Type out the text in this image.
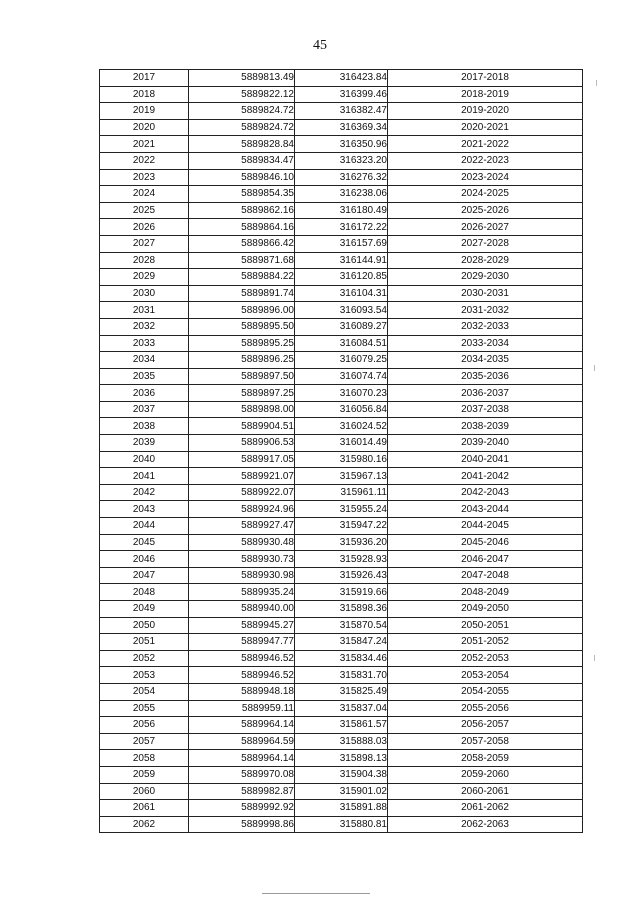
45
2017	5889813.49	316423.84	2017-2018
2018	5889822.12	316399.46	2018-2019
2019	5889824.72	316382.47	2019-2020
2020	5889824.72	316369.34	2020-2021
2021	5889828.84	316350.96	2021-2022
2022	5889834.47	316323.20	2022-2023
2023	5889846.10	316276.32	2023-2024
2024	5889854.35	316238.06	2024-2025
2025	5889862.16	316180.49	2025-2026
2026	5889864.16	316172.22	2026-2027
2027	5889866.42	316157.69	2027-2028
2028	5889871.68	316144.91	2028-2029
2029	5889884.22	316120.85	2029-2030
2030	5889891.74	316104.31	2030-2031
2031	5889896.00	316093.54	2031-2032
2032	5889895.50	316089.27	2032-2033
2033	5889895.25	316084.51	2033-2034
2034	5889896.25	316079.25	2034-2035
2035	5889897.50	316074.74	2035-2036
2036	5889897.25	316070.23	2036-2037
2037	5889898.00	316056.84	2037-2038
2038	5889904.51	316024.52	2038-2039
2039	5889906.53	316014.49	2039-2040
2040	5889917.05	315980.16	2040-2041
2041	5889921.07	315967.13	2041-2042
2042	5889922.07	315961.11	2042-2043
2043	5889924.96	315955.24	2043-2044
2044	5889927.47	315947.22	2044-2045
2045	5889930.48	315936.20	2045-2046
2046	5889930.73	315928.93	2046-2047
2047	5889930.98	315926.43	2047-2048
2048	5889935.24	315919.66	2048-2049
2049	5889940.00	315898.36	2049-2050
2050	5889945.27	315870.54	2050-2051
2051	5889947.77	315847.24	2051-2052
2052	5889946.52	315834.46	2052-2053
2053	5889946.52	315831.70	2053-2054
2054	5889948.18	315825.49	2054-2055
2055	5889959.11	315837.04	2055-2056
2056	5889964.14	315861.57	2056-2057
2057	5889964.59	315888.03	2057-2058
2058	5889964.14	315898.13	2058-2059
2059	5889970.08	315904.38	2059-2060
2060	5889982.87	315901.02	2060-2061
2061	5889992.92	315891.88	2061-2062
2062	5889998.86	315880.81	2062-2063
